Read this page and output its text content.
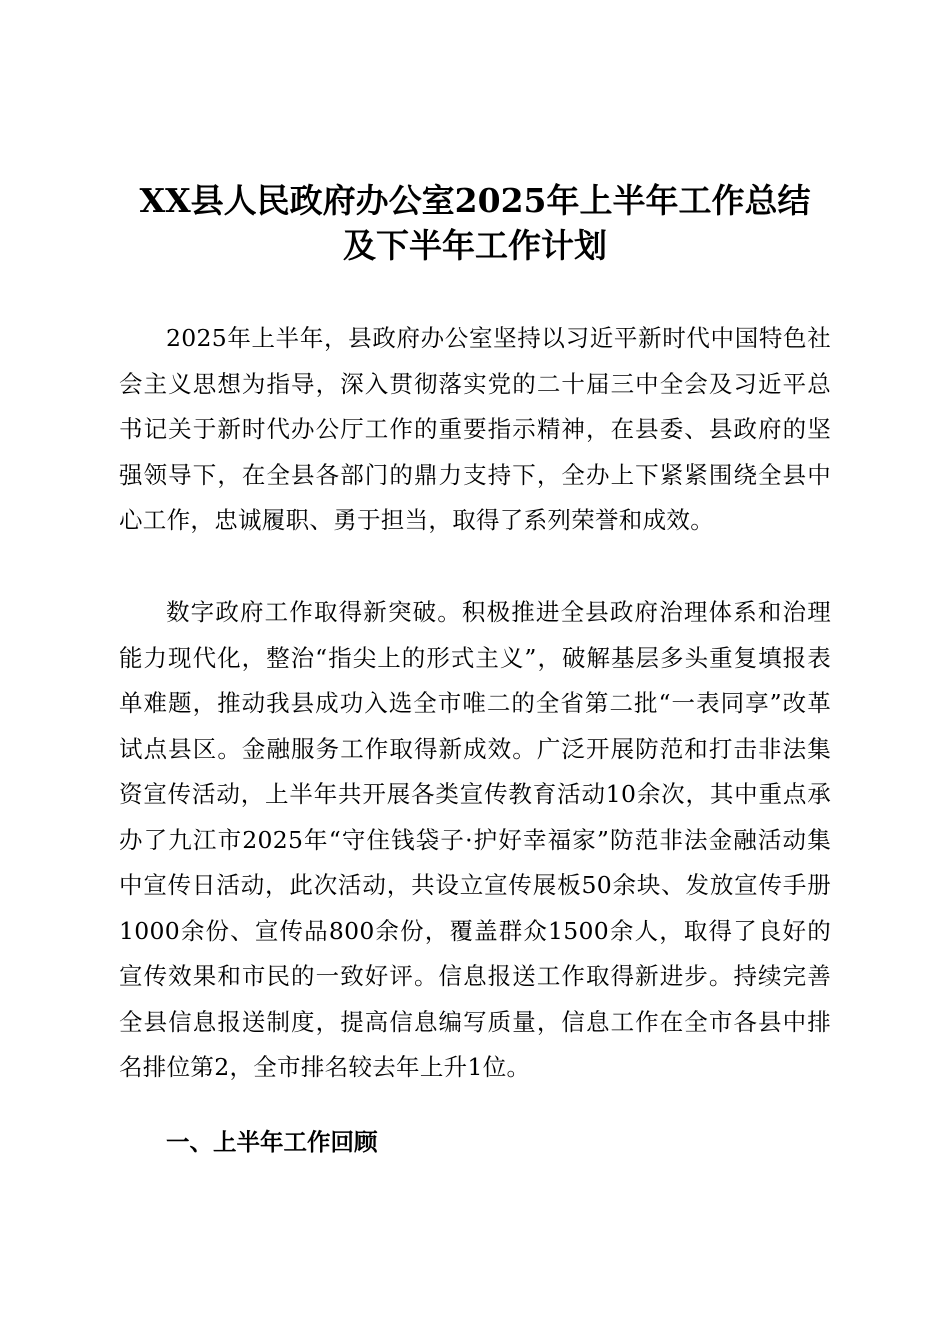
XX县人民政府办公室2025年上半年工作总结
及下半年工作计划

2025年上半年，县政府办公室坚持以习近平新时代中国特色社会主义思想为指导，深入贯彻落实党的二十届三中全会及习近平总书记关于新时代办公厅工作的重要指示精神，在县委、县政府的坚强领导下，在全县各部门的鼎力支持下，全办上下紧紧围绕全县中心工作，忠诚履职、勇于担当，取得了系列荣誉和成效。

数字政府工作取得新突破。积极推进全县政府治理体系和治理能力现代化，整治“指尖上的形式主义”，破解基层多头重复填报表单难题，推动我县成功入选全市唯二的全省第二批“一表同享”改革试点县区。金融服务工作取得新成效。广泛开展防范和打击非法集资宣传活动，上半年共开展各类宣传教育活动10余次，其中重点承办了九江市2025年“守住钱袋子·护好幸福家”防范非法金融活动集中宣传日活动，此次活动，共设立宣传展板50余块、发放宣传手册1000余份、宣传品800余份，覆盖群众1500余人，取得了良好的宣传效果和市民的一致好评。信息报送工作取得新进步。持续完善全县信息报送制度，提高信息编写质量，信息工作在全市各县中排名排位第2，全市排名较去年上升1位。

一、上半年工作回顾
